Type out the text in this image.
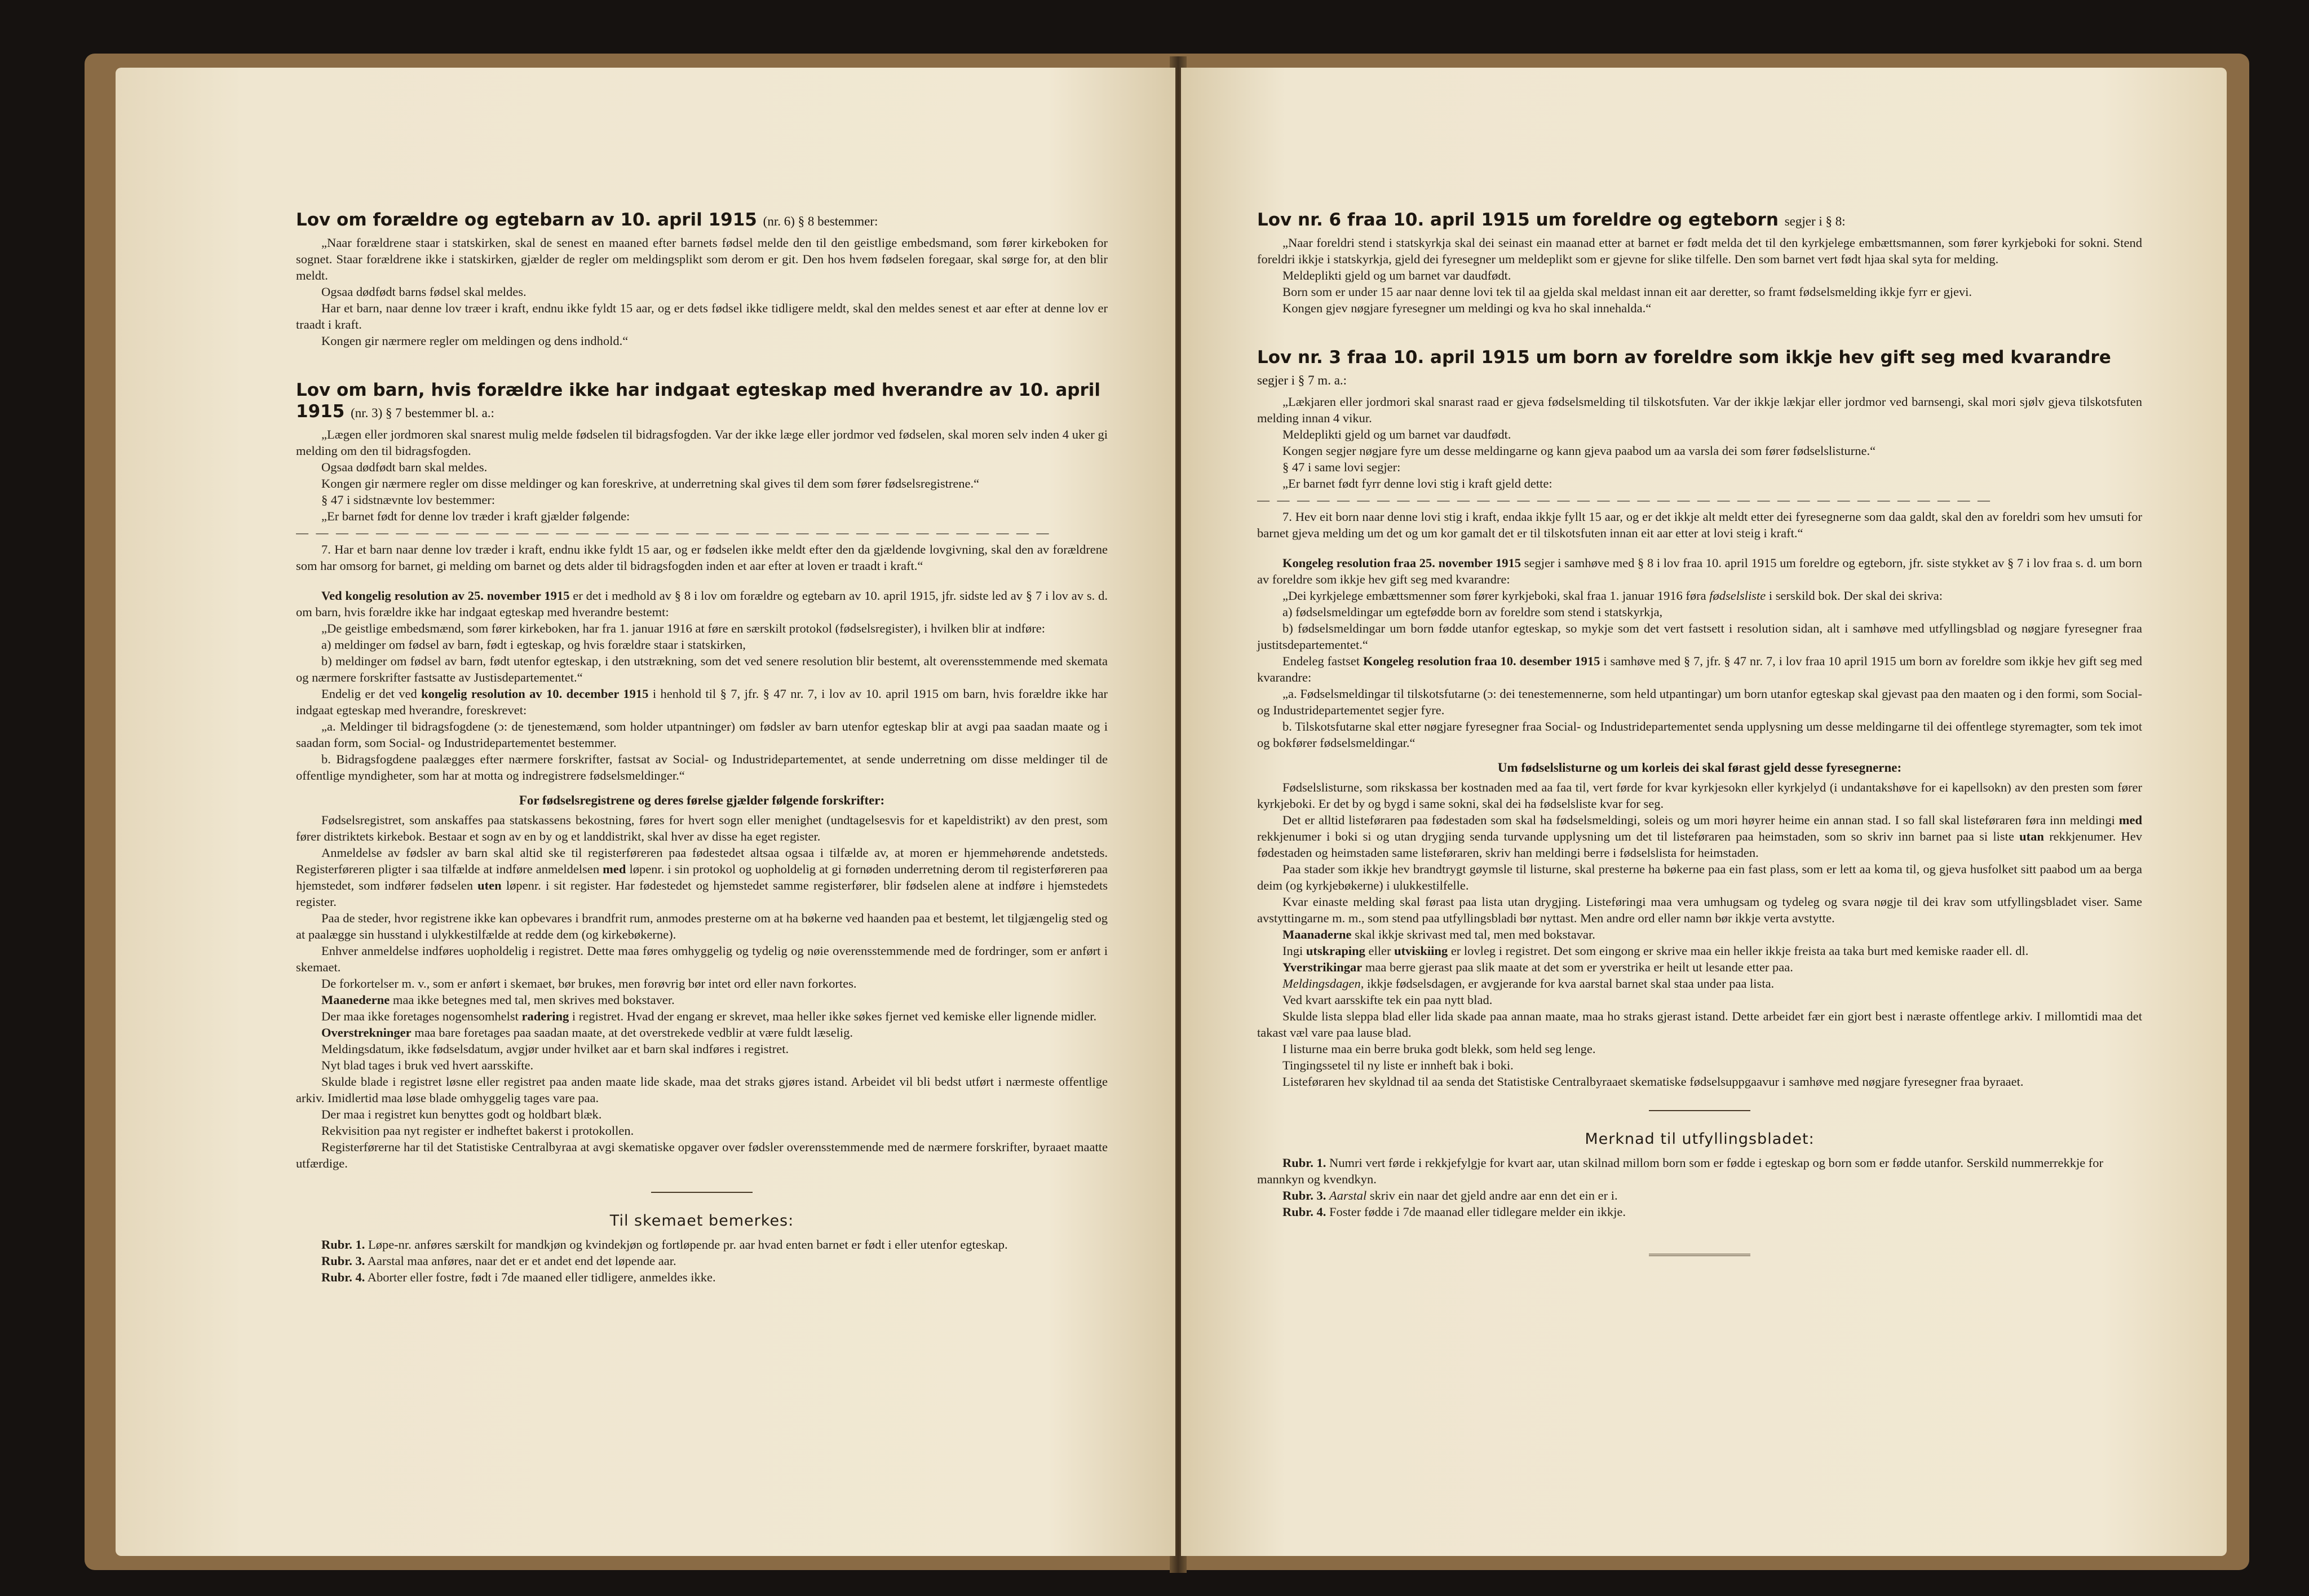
Lov om forældre og egtebarn av 10. april 1915 (nr. 6) § 8 bestemmer:

„Naar forældrene staar i statskirken, skal de senest en maaned efter barnets fødsel melde den til den geistlige embedsmand, som fører kirkeboken for sognet. Staar forældrene ikke i statskirken, gjælder de regler om meldingsplikt som derom er git. Den hos hvem fødselen foregaar, skal sørge for, at den blir meldt.

Ogsaa dødfødt barns fødsel skal meldes.

Har et barn, naar denne lov træer i kraft, endnu ikke fyldt 15 aar, og er dets fødsel ikke tidligere meldt, skal den meldes senest et aar efter at denne lov er traadt i kraft.

Kongen gir nærmere regler om meldingen og dens indhold.“

Lov om barn, hvis forældre ikke har indgaat egteskap med hverandre av 10. april 1915 (nr. 3) § 7 bestemmer bl. a.:

„Lægen eller jordmoren skal snarest mulig melde fødselen til bidragsfogden. Var der ikke læge eller jordmor ved fødselen, skal moren selv inden 4 uker gi melding om den til bidragsfogden.

Ogsaa dødfødt barn skal meldes.

Kongen gir nærmere regler om disse meldinger og kan foreskrive, at underretning skal gives til dem som fører fødselsregistrene.“

§ 47 i sidstnævnte lov bestemmer:

„Er barnet født for denne lov træder i kraft gjælder følgende:

— — — — — — — — — — — — — — — — — — — — — — — — — — — — — — — — — — — — — —

7. Har et barn naar denne lov træder i kraft, endnu ikke fyldt 15 aar, og er fødselen ikke meldt efter den da gjældende lovgivning, skal den av forældrene som har omsorg for barnet, gi melding om barnet og dets alder til bidragsfogden inden et aar efter at loven er traadt i kraft.“

Ved kongelig resolution av 25. november 1915 er det i medhold av § 8 i lov om forældre og egtebarn av 10. april 1915, jfr. sidste led av § 7 i lov av s. d. om barn, hvis forældre ikke har indgaat egteskap med hverandre bestemt:

„De geistlige embedsmænd, som fører kirkeboken, har fra 1. januar 1916 at føre en særskilt protokol (fødselsregister), i hvilken blir at indføre:

a) meldinger om fødsel av barn, født i egteskap, og hvis forældre staar i statskirken,

b) meldinger om fødsel av barn, født utenfor egteskap, i den utstrækning, som det ved senere resolution blir bestemt, alt overensstemmende med skemata og nærmere forskrifter fastsatte av Justisdepartementet.“

Endelig er det ved kongelig resolution av 10. december 1915 i henhold til § 7, jfr. § 47 nr. 7, i lov av 10. april 1915 om barn, hvis forældre ikke har indgaat egteskap med hverandre, foreskrevet:

„a. Meldinger til bidragsfogdene (ɔ: de tjenestemænd, som holder utpantninger) om fødsler av barn utenfor egteskap blir at avgi paa saadan maate og i saadan form, som Social- og Industridepartementet bestemmer.

b. Bidragsfogdene paalægges efter nærmere forskrifter, fastsat av Social- og Industridepartementet, at sende underretning om disse meldinger til de offentlige myndigheter, som har at motta og indregistrere fødselsmeldinger.“

For fødselsregistrene og deres førelse gjælder følgende forskrifter:

Fødselsregistret, som anskaffes paa statskassens bekostning, føres for hvert sogn eller menighet (undtagelsesvis for et kapeldistrikt) av den prest, som fører distriktets kirkebok. Bestaar et sogn av en by og et landdistrikt, skal hver av disse ha eget register.

Anmeldelse av fødsler av barn skal altid ske til registerføreren paa fødestedet altsaa ogsaa i tilfælde av, at moren er hjemmehørende andetsteds. Registerføreren pligter i saa tilfælde at indføre anmeldelsen med løpenr. i sin protokol og uopholdelig at gi fornøden underretning derom til registerføreren paa hjemstedet, som indfører fødselen uten løpenr. i sit register. Har fødestedet og hjemstedet samme registerfører, blir fødselen alene at indføre i hjemstedets register.

Paa de steder, hvor registrene ikke kan opbevares i brandfrit rum, anmodes presterne om at ha bøkerne ved haanden paa et bestemt, let tilgjængelig sted og at paalægge sin husstand i ulykkestilfælde at redde dem (og kirkebøkerne).

Enhver anmeldelse indføres uopholdelig i registret. Dette maa føres omhyggelig og tydelig og nøie overensstemmende med de fordringer, som er anført i skemaet.

De forkortelser m. v., som er anført i skemaet, bør brukes, men forøvrig bør intet ord eller navn forkortes.

Maanederne maa ikke betegnes med tal, men skrives med bokstaver.

Der maa ikke foretages nogensomhelst radering i registret. Hvad der engang er skrevet, maa heller ikke søkes fjernet ved kemiske eller lignende midler.

Overstrekninger maa bare foretages paa saadan maate, at det overstrekede vedblir at være fuldt læselig.

Meldingsdatum, ikke fødselsdatum, avgjør under hvilket aar et barn skal indføres i registret.

Nyt blad tages i bruk ved hvert aarsskifte.

Skulde blade i registret løsne eller registret paa anden maate lide skade, maa det straks gjøres istand. Arbeidet vil bli bedst utført i nærmeste offentlige arkiv. Imidlertid maa løse blade omhyggelig tages vare paa.

Der maa i registret kun benyttes godt og holdbart blæk.

Rekvisition paa nyt register er indheftet bakerst i protokollen.

Registerførerne har til det Statistiske Centralbyraa at avgi skematiske opgaver over fødsler overensstemmende med de nærmere forskrifter, byraaet maatte utfærdige.

Til skemaet bemerkes:
Rubr. 1. Løpe-nr. anføres særskilt for mandkjøn og kvindekjøn og fortløpende pr. aar hvad enten barnet er født i eller utenfor egteskap.
Rubr. 3. Aarstal maa anføres, naar det er et andet end det løpende aar.
Rubr. 4. Aborter eller fostre, født i 7de maaned eller tidligere, anmeldes ikke.
Lov nr. 6 fraa 10. april 1915 um foreldre og egteborn segjer i § 8:

„Naar foreldri stend i statskyrkja skal dei seinast ein maanad etter at barnet er født melda det til den kyrkjelege embættsmannen, som fører kyrkjeboki for sokni. Stend foreldri ikkje i statskyrkja, gjeld dei fyresegner um meldeplikt som er gjevne for slike tilfelle. Den som barnet vert født hjaa skal syta for melding.

Meldeplikti gjeld og um barnet var daudfødt.

Born som er under 15 aar naar denne lovi tek til aa gjelda skal meldast innan eit aar deretter, so framt fødselsmelding ikkje fyrr er gjevi.

Kongen gjev nøgjare fyresegner um meldingi og kva ho skal innehalda.“

Lov nr. 3 fraa 10. april 1915 um born av foreldre som ikkje hev gift seg med kvarandre segjer i § 7 m. a.:

„Lækjaren eller jordmori skal snarast raad er gjeva fødselsmelding til tilskotsfuten. Var der ikkje lækjar eller jordmor ved barnsengi, skal mori sjølv gjeva tilskotsfuten melding innan 4 vikur.

Meldeplikti gjeld og um barnet var daudfødt.

Kongen segjer nøgjare fyre um desse meldingarne og kann gjeva paabod um aa varsla dei som fører fødselslisturne.“

§ 47 i same lovi segjer:

„Er barnet født fyrr denne lovi stig i kraft gjeld dette:

— — — — — — — — — — — — — — — — — — — — — — — — — — — — — — — — — — — — —

7. Hev eit born naar denne lovi stig i kraft, endaa ikkje fyllt 15 aar, og er det ikkje alt meldt etter dei fyresegnerne som daa galdt, skal den av foreldri som hev umsuti for barnet gjeva melding um det og um kor gamalt det er til tilskotsfuten innan eit aar etter at lovi steig i kraft.“

Kongeleg resolution fraa 25. november 1915 segjer i samhøve med § 8 i lov fraa 10. april 1915 um foreldre og egteborn, jfr. siste stykket av § 7 i lov fraa s. d. um born av foreldre som ikkje hev gift seg med kvarandre:

„Dei kyrkjelege embættsmenner som fører kyrkjeboki, skal fraa 1. januar 1916 føra fødselsliste i serskild bok. Der skal dei skriva:

a) fødselsmeldingar um egtefødde born av foreldre som stend i statskyrkja,

b) fødselsmeldingar um born fødde utanfor egteskap, so mykje som det vert fastsett i resolution sidan, alt i samhøve med utfyllingsblad og nøgjare fyresegner fraa justitsdepartementet.“

Endeleg fastset Kongeleg resolution fraa 10. desember 1915 i samhøve med § 7, jfr. § 47 nr. 7, i lov fraa 10 april 1915 um born av foreldre som ikkje hev gift seg med kvarandre:

„a. Fødselsmeldingar til tilskotsfutarne (ɔ: dei tenestemennerne, som held utpantingar) um born utanfor egteskap skal gjevast paa den maaten og i den formi, som Social- og Industridepartementet segjer fyre.

b. Tilskotsfutarne skal etter nøgjare fyresegner fraa Social- og Industridepartementet senda upplysning um desse meldingarne til dei offentlege styremagter, som tek imot og bokfører fødselsmeldingar.“

Um fødselslisturne og um korleis dei skal førast gjeld desse fyresegnerne:

Fødselslisturne, som rikskassa ber kostnaden med aa faa til, vert førde for kvar kyrkjesokn eller kyrkjelyd (i undantakshøve for ei kapellsokn) av den presten som fører kyrkjeboki. Er det by og bygd i same sokni, skal dei ha fødselsliste kvar for seg.

Det er alltid listeføraren paa fødestaden som skal ha fødselsmeldingi, soleis og um mori høyrer heime ein annan stad. I so fall skal listeføraren føra inn meldingi med rekkjenumer i boki si og utan drygjing senda turvande upplysning um det til listeføraren paa heimstaden, som so skriv inn barnet paa si liste utan rekkjenumer. Hev fødestaden og heimstaden same listeføraren, skriv han meldingi berre i fødselslista for heimstaden.

Paa stader som ikkje hev brandtrygt gøymsle til listurne, skal presterne ha bøkerne paa ein fast plass, som er lett aa koma til, og gjeva husfolket sitt paabod um aa berga deim (og kyrkjebøkerne) i ulukkestilfelle.

Kvar einaste melding skal førast paa lista utan drygjing. Listeføringi maa vera umhugsam og tydeleg og svara nøgje til dei krav som utfyllingsbladet viser. Same avstyttingarne m. m., som stend paa utfyllingsbladi bør nyttast. Men andre ord eller namn bør ikkje verta avstytte.

Maanaderne skal ikkje skrivast med tal, men med bokstavar.

Ingi utskraping eller utviskiing er lovleg i registret. Det som eingong er skrive maa ein heller ikkje freista aa taka burt med kemiske raader ell. dl.

Yverstrikingar maa berre gjerast paa slik maate at det som er yverstrika er heilt ut lesande etter paa.

Meldingsdagen, ikkje fødselsdagen, er avgjerande for kva aarstal barnet skal staa under paa lista.

Ved kvart aarsskifte tek ein paa nytt blad.

Skulde lista sleppa blad eller lida skade paa annan maate, maa ho straks gjerast istand. Dette arbeidet fær ein gjort best i næraste offentlege arkiv. I millomtidi maa det takast væl vare paa lause blad.

I listurne maa ein berre bruka godt blekk, som held seg lenge.

Tingingssetel til ny liste er innheft bak i boki.

Listeføraren hev skyldnad til aa senda det Statistiske Centralbyraaet skematiske fødselsuppgaavur i samhøve med nøgjare fyresegner fraa byraaet.

Merknad til utfyllingsbladet:
Rubr. 1. Numri vert førde i rekkjefylgje for kvart aar, utan skilnad millom born som er fødde i egteskap og born som er fødde utanfor. Serskild nummerrekkje for mannkyn og kvendkyn.
Rubr. 3. Aarstal skriv ein naar det gjeld andre aar enn det ein er i.
Rubr. 4. Foster fødde i 7de maanad eller tidlegare melder ein ikkje.
